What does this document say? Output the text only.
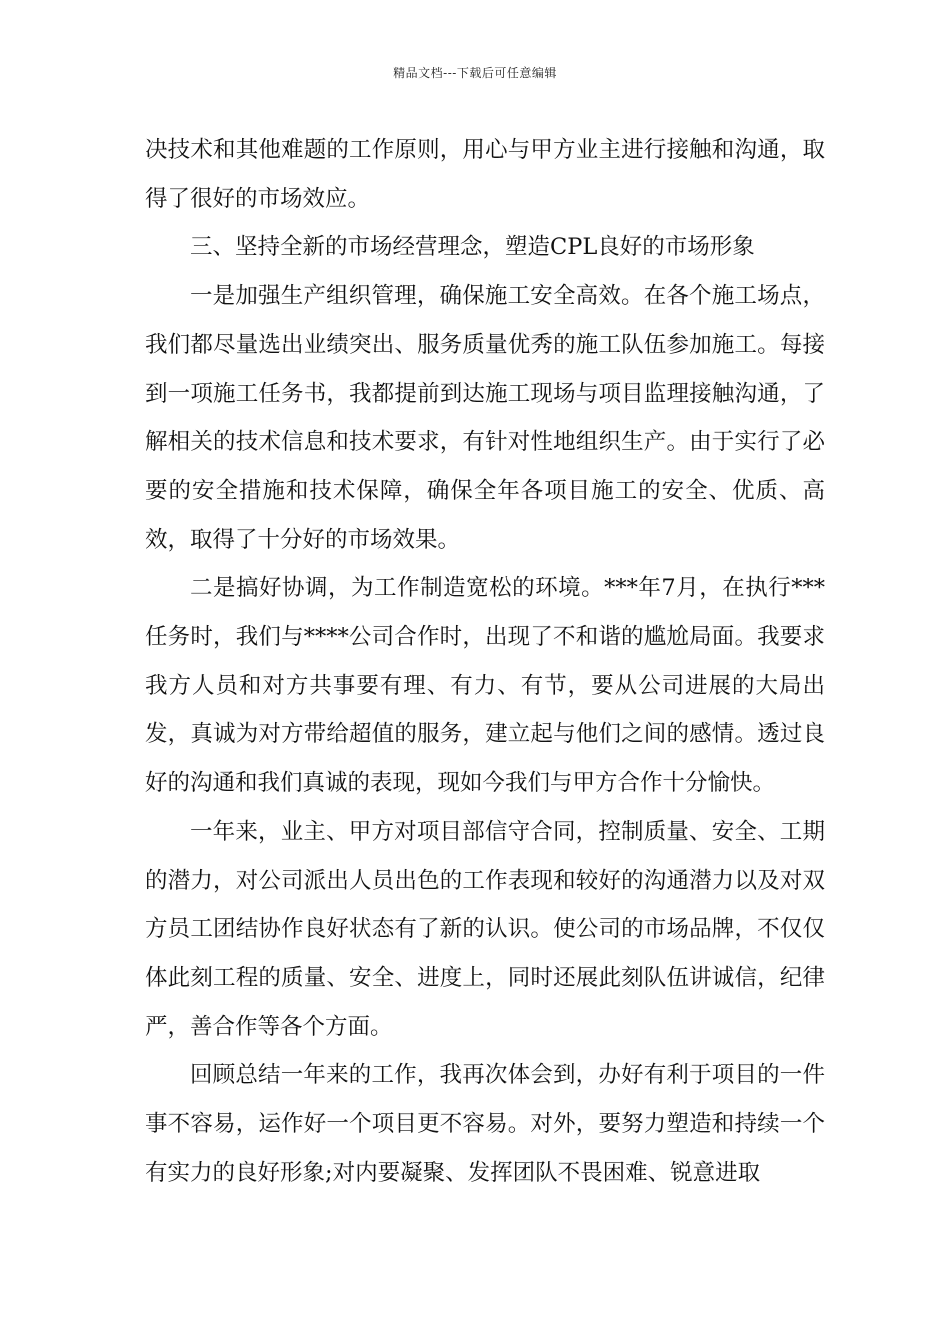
精品文档---下载后可任意编辑

决技术和其他难题的工作原则，用心与甲方业主进行接触和沟通，取得了很好的市场效应。

三、坚持全新的市场经营理念，塑造CPL良好的市场形象

一是加强生产组织管理，确保施工安全高效。在各个施工场点，我们都尽量选出业绩突出、服务质量优秀的施工队伍参加施工。每接到一项施工任务书，我都提前到达施工现场与项目监理接触沟通，了解相关的技术信息和技术要求，有针对性地组织生产。由于实行了必要的安全措施和技术保障，确保全年各项目施工的安全、优质、高效，取得了十分好的市场效果。

二是搞好协调，为工作制造宽松的环境。***年7月，在执行***任务时，我们与****公司合作时，出现了不和谐的尴尬局面。我要求我方人员和对方共事要有理、有力、有节，要从公司进展的大局出发，真诚为对方带给超值的服务，建立起与他们之间的感情。透过良好的沟通和我们真诚的表现，现如今我们与甲方合作十分愉快。

一年来，业主、甲方对项目部信守合同，控制质量、安全、工期的潜力，对公司派出人员出色的工作表现和较好的沟通潜力以及对双方员工团结协作良好状态有了新的认识。使公司的市场品牌，不仅仅体此刻工程的质量、安全、进度上，同时还展此刻队伍讲诚信，纪律严，善合作等各个方面。

回顾总结一年来的工作，我再次体会到，办好有利于项目的一件事不容易，运作好一个项目更不容易。对外，要努力塑造和持续一个有实力的良好形象;对内要凝聚、发挥团队不畏困难、锐意进取
